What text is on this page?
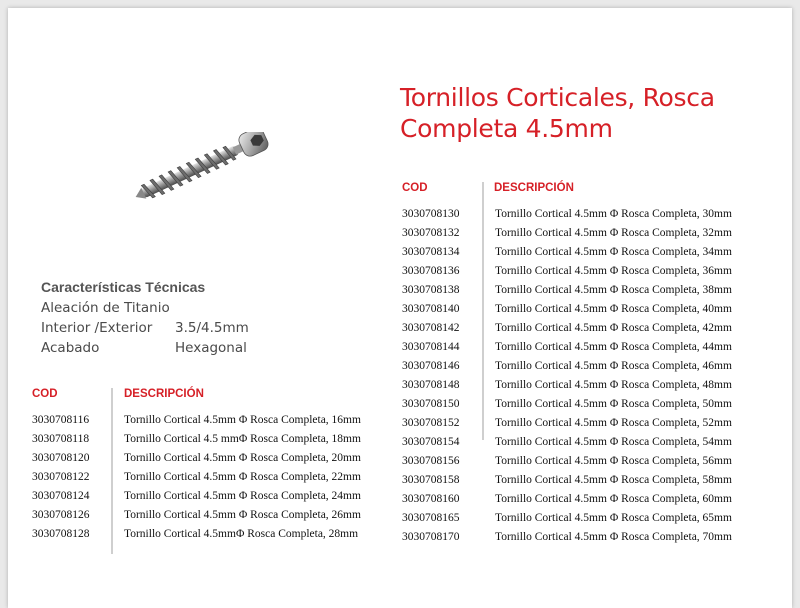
Tornillos Corticales, Rosca Completa 4.5mm
Características Técnicas
Aleación de Titanio
Interior /Exterior	3.5/4.5mm
Acabado	Hexagonal
COD	DESCRIPCIÓN
3030708116	Tornillo Cortical 4.5mm Φ Rosca Completa, 16mm
3030708118	Tornillo Cortical 4.5 mmΦ Rosca Completa, 18mm
3030708120	Tornillo Cortical 4.5mm Φ Rosca Completa, 20mm
3030708122	Tornillo Cortical 4.5mm Φ Rosca Completa, 22mm
3030708124	Tornillo Cortical 4.5mm Φ Rosca Completa, 24mm
3030708126	Tornillo Cortical 4.5mm Φ Rosca Completa, 26mm
3030708128	Tornillo Cortical 4.5mmΦ Rosca Completa, 28mm
COD	DESCRIPCIÓN
3030708130	Tornillo Cortical 4.5mm Φ Rosca Completa, 30mm
3030708132	Tornillo Cortical 4.5mm Φ Rosca Completa, 32mm
3030708134	Tornillo Cortical 4.5mm Φ Rosca Completa, 34mm
3030708136	Tornillo Cortical 4.5mm Φ Rosca Completa, 36mm
3030708138	Tornillo Cortical 4.5mm Φ Rosca Completa, 38mm
3030708140	Tornillo Cortical 4.5mm Φ Rosca Completa, 40mm
3030708142	Tornillo Cortical 4.5mm Φ Rosca Completa, 42mm
3030708144	Tornillo Cortical 4.5mm Φ Rosca Completa, 44mm
3030708146	Tornillo Cortical 4.5mm Φ Rosca Completa, 46mm
3030708148	Tornillo Cortical 4.5mm Φ Rosca Completa, 48mm
3030708150	Tornillo Cortical 4.5mm Φ Rosca Completa, 50mm
3030708152	Tornillo Cortical 4.5mm Φ Rosca Completa, 52mm
3030708154	Tornillo Cortical 4.5mm Φ Rosca Completa, 54mm
3030708156	Tornillo Cortical 4.5mm Φ Rosca Completa, 56mm
3030708158	Tornillo Cortical 4.5mm Φ Rosca Completa, 58mm
3030708160	Tornillo Cortical 4.5mm Φ Rosca Completa, 60mm
3030708165	Tornillo Cortical 4.5mm Φ Rosca Completa, 65mm
3030708170	Tornillo Cortical 4.5mm Φ Rosca Completa, 70mm
